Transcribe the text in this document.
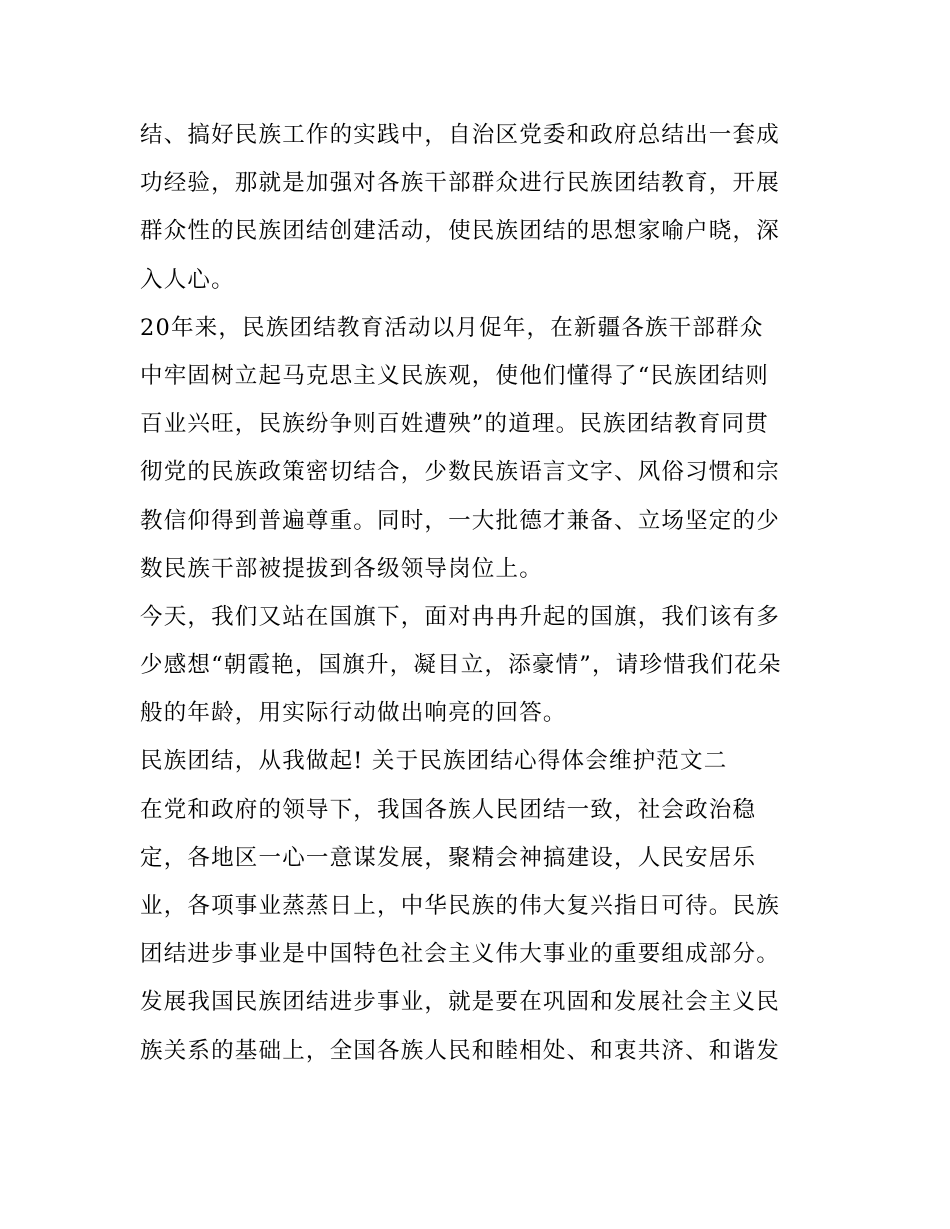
结、搞好民族工作的实践中，自治区党委和政府总结出一套成
功经验，那就是加强对各族干部群众进行民族团结教育，开展
群众性的民族团结创建活动，使民族团结的思想家喻户晓，深
入人心。
20年来，民族团结教育活动以月促年，在新疆各族干部群众
中牢固树立起马克思主义民族观，使他们懂得了“民族团结则
百业兴旺，民族纷争则百姓遭殃”的道理。民族团结教育同贯
彻党的民族政策密切结合，少数民族语言文字、风俗习惯和宗
教信仰得到普遍尊重。同时，一大批德才兼备、立场坚定的少
数民族干部被提拔到各级领导岗位上。
今天，我们又站在国旗下，面对冉冉升起的国旗，我们该有多
少感想“朝霞艳，国旗升，凝目立，添豪情”，请珍惜我们花朵
般的年龄，用实际行动做出响亮的回答。
民族团结，从我做起! 关于民族团结心得体会维护范文二
在党和政府的领导下，我国各族人民团结一致，社会政治稳
定，各地区一心一意谋发展，聚精会神搞建设，人民安居乐
业，各项事业蒸蒸日上，中华民族的伟大复兴指日可待。民族
团结进步事业是中国特色社会主义伟大事业的重要组成部分。
发展我国民族团结进步事业，就是要在巩固和发展社会主义民
族关系的基础上，全国各族人民和睦相处、和衷共济、和谐发
